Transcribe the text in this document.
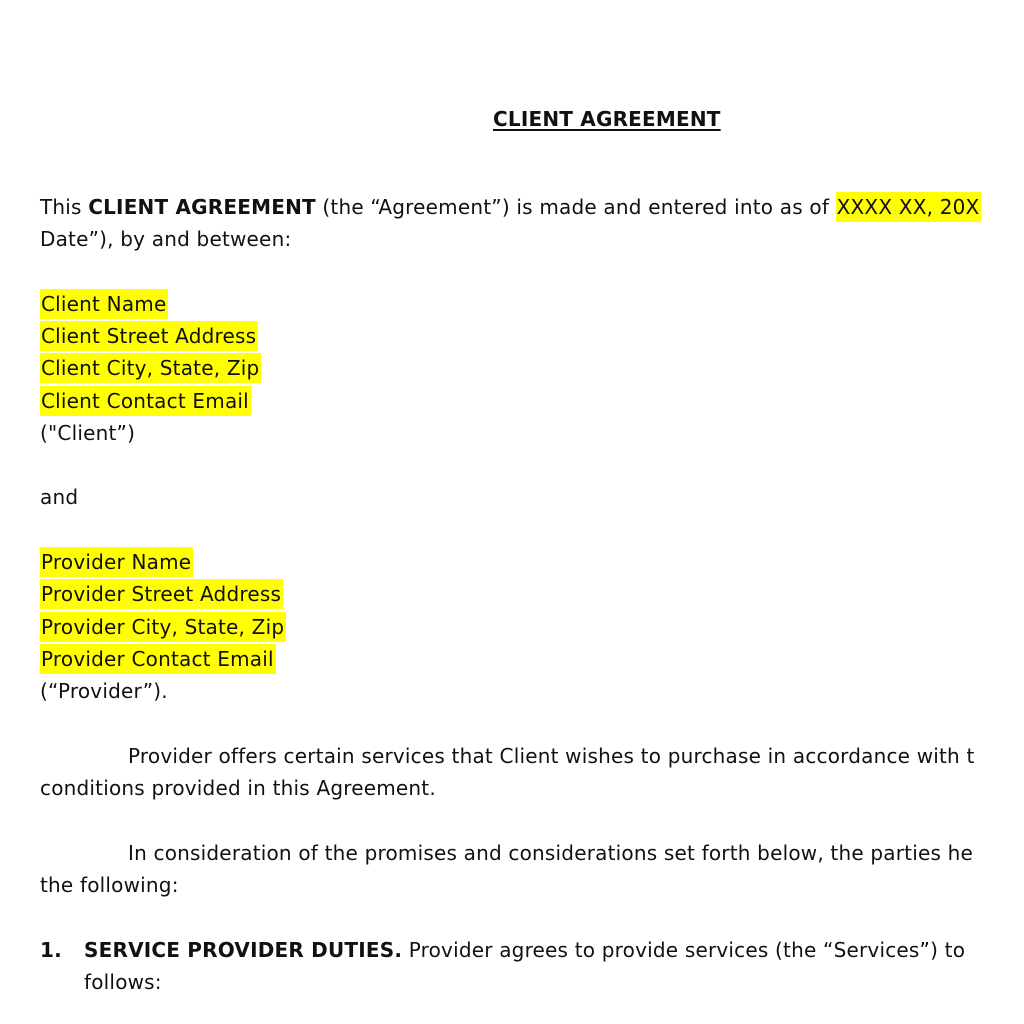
CLIENT AGREEMENT
This CLIENT AGREEMENT (the “Agreement”) is made and entered into as of XXXX XX, 20X
Date”), by and between:
Client Name
Client Street Address
Client City, State, Zip
Client Contact Email
("Client”)
and
Provider Name
Provider Street Address
Provider City, State, Zip
Provider Contact Email
(“Provider”).
Provider offers certain services that Client wishes to purchase in accordance with t
conditions provided in this Agreement.
In consideration of the promises and considerations set forth below, the parties he
the following:
1. SERVICE PROVIDER DUTIES. Provider agrees to provide services (the “Services”) to
follows:
